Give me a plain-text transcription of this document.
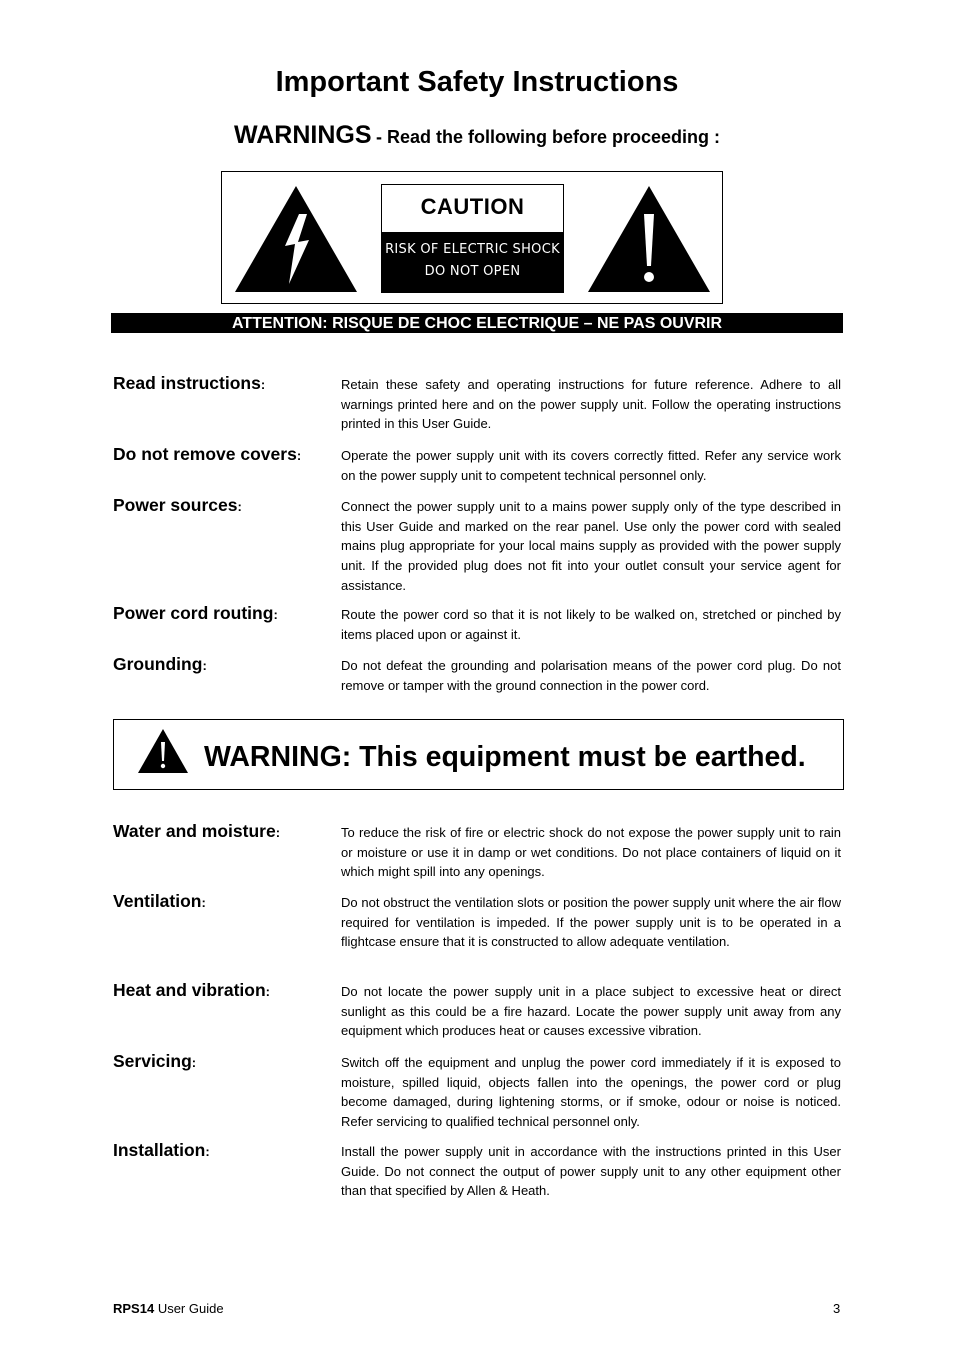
Important Safety Instructions
WARNINGS - Read the following before proceeding :
CAUTION
RISK OF ELECTRIC SHOCK
DO NOT OPEN
ATTENTION: RISQUE DE CHOC ELECTRIQUE – NE PAS OUVRIR
Read instructions:	Retain these safety and operating instructions for future reference. Adhere to all warnings printed here and on the power supply unit. Follow the operating instructions printed in this User Guide.
Do not remove covers:	Operate the power supply unit with its covers correctly fitted. Refer any service work on the power supply unit to competent technical personnel only.
Power sources:	Connect the power supply unit to a mains power supply only of the type described in this User Guide and marked on the rear panel. Use only the power cord with sealed mains plug appropriate for your local mains supply as provided with the power supply unit. If the provided plug does not fit into your outlet consult your service agent for assistance.
Power cord routing:	Route the power cord so that it is not likely to be walked on, stretched or pinched by items placed upon or against it.
Grounding:	Do not defeat the grounding and polarisation means of the power cord plug. Do not remove or tamper with the ground connection in the power cord.
WARNING: This equipment must be earthed.
Water and moisture:	To reduce the risk of fire or electric shock do not expose the power supply unit to rain or moisture or use it in damp or wet conditions. Do not place containers of liquid on it which might spill into any openings.
Ventilation:	Do not obstruct the ventilation slots or position the power supply unit where the air flow required for ventilation is impeded. If the power supply unit is to be operated in a flightcase ensure that it is constructed to allow adequate ventilation.
Heat and vibration:	Do not locate the power supply unit in a place subject to excessive heat or direct sunlight as this could be a fire hazard. Locate the power supply unit away from any equipment which produces heat or causes excessive vibration.
Servicing:	Switch off the equipment and unplug the power cord immediately if it is exposed to moisture, spilled liquid, objects fallen into the openings, the power cord or plug become damaged, during lightening storms, or if smoke, odour or noise is noticed. Refer servicing to qualified technical personnel only.
Installation:	Install the power supply unit in accordance with the instructions printed in this User Guide. Do not connect the output of power supply unit to any other equipment other than that specified by Allen & Heath.
RPS14 User Guide	3
